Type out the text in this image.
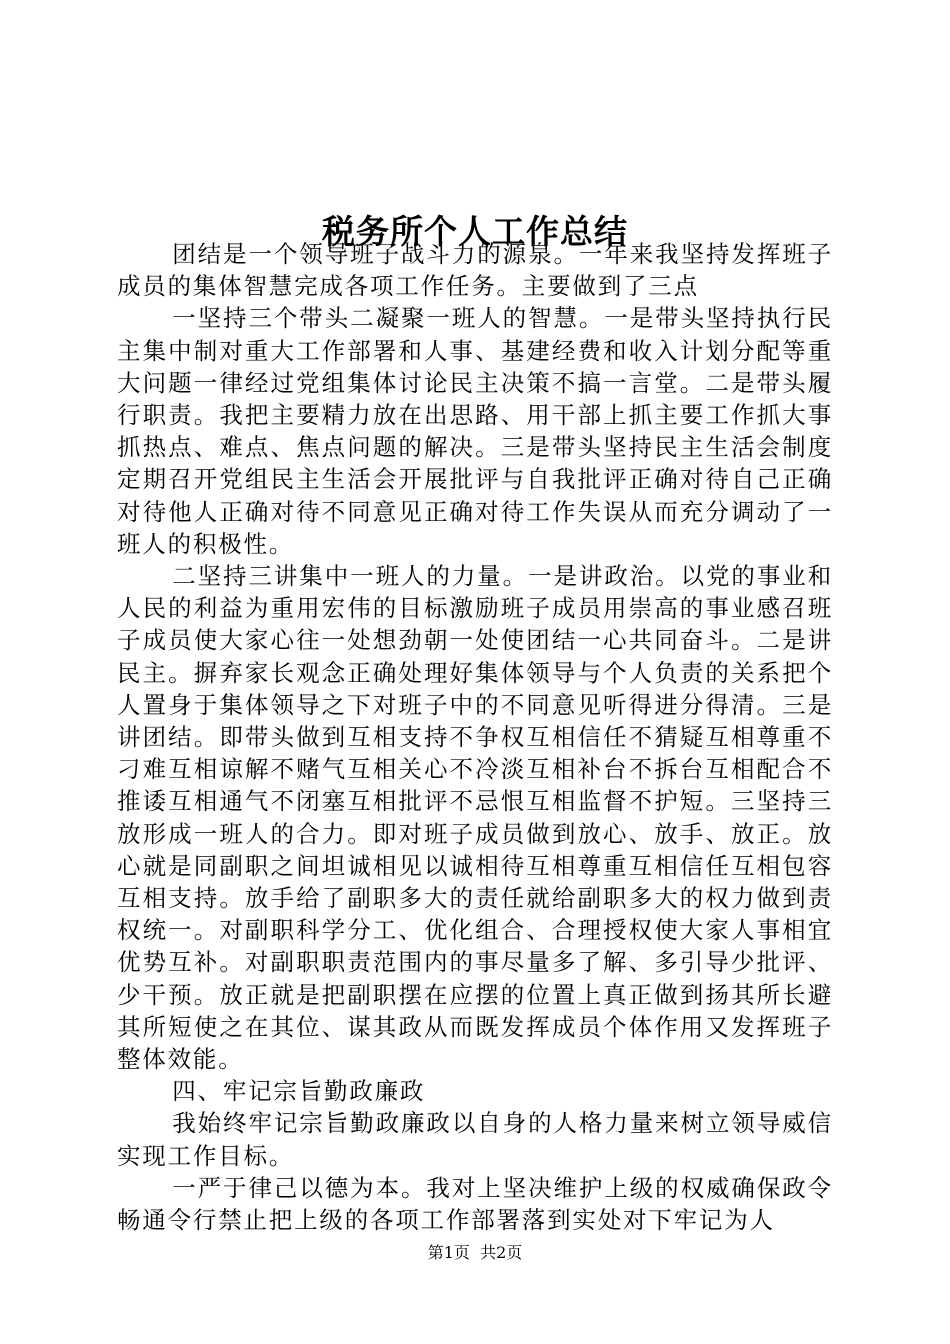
税务所个人工作总结

团结是一个领导班子战斗力的源泉。一年来我坚持发挥班子成员的集体智慧完成各项工作任务。主要做到了三点

一坚持三个带头二凝聚一班人的智慧。一是带头坚持执行民主集中制对重大工作部署和人事、基建经费和收入计划分配等重大问题一律经过党组集体讨论民主决策不搞一言堂。二是带头履行职责。我把主要精力放在出思路、用干部上抓主要工作抓大事抓热点、难点、焦点问题的解决。三是带头坚持民主生活会制度定期召开党组民主生活会开展批评与自我批评正确对待自己正确对待他人正确对待不同意见正确对待工作失误从而充分调动了一班人的积极性。

二坚持三讲集中一班人的力量。一是讲政治。以党的事业和人民的利益为重用宏伟的目标激励班子成员用崇高的事业感召班子成员使大家心往一处想劲朝一处使团结一心共同奋斗。二是讲民主。摒弃家长观念正确处理好集体领导与个人负责的关系把个人置身于集体领导之下对班子中的不同意见听得进分得清。三是讲团结。即带头做到互相支持不争权互相信任不猜疑互相尊重不刁难互相谅解不赌气互相关心不冷淡互相补台不拆台互相配合不推诿互相通气不闭塞互相批评不忌恨互相监督不护短。三坚持三放形成一班人的合力。即对班子成员做到放心、放手、放正。放心就是同副职之间坦诚相见以诚相待互相尊重互相信任互相包容互相支持。放手给了副职多大的责任就给副职多大的权力做到责权统一。对副职科学分工、优化组合、合理授权使大家人事相宜优势互补。对副职职责范围内的事尽量多了解、多引导少批评、少干预。放正就是把副职摆在应摆的位置上真正做到扬其所长避其所短使之在其位、谋其政从而既发挥成员个体作用又发挥班子整体效能。

四、牢记宗旨勤政廉政

我始终牢记宗旨勤政廉政以自身的人格力量来树立领导威信实现工作目标。

一严于律己以德为本。我对上坚决维护上级的权威确保政令畅通令行禁止把上级的各项工作部署落到实处对下牢记为人

第1页 共2页
